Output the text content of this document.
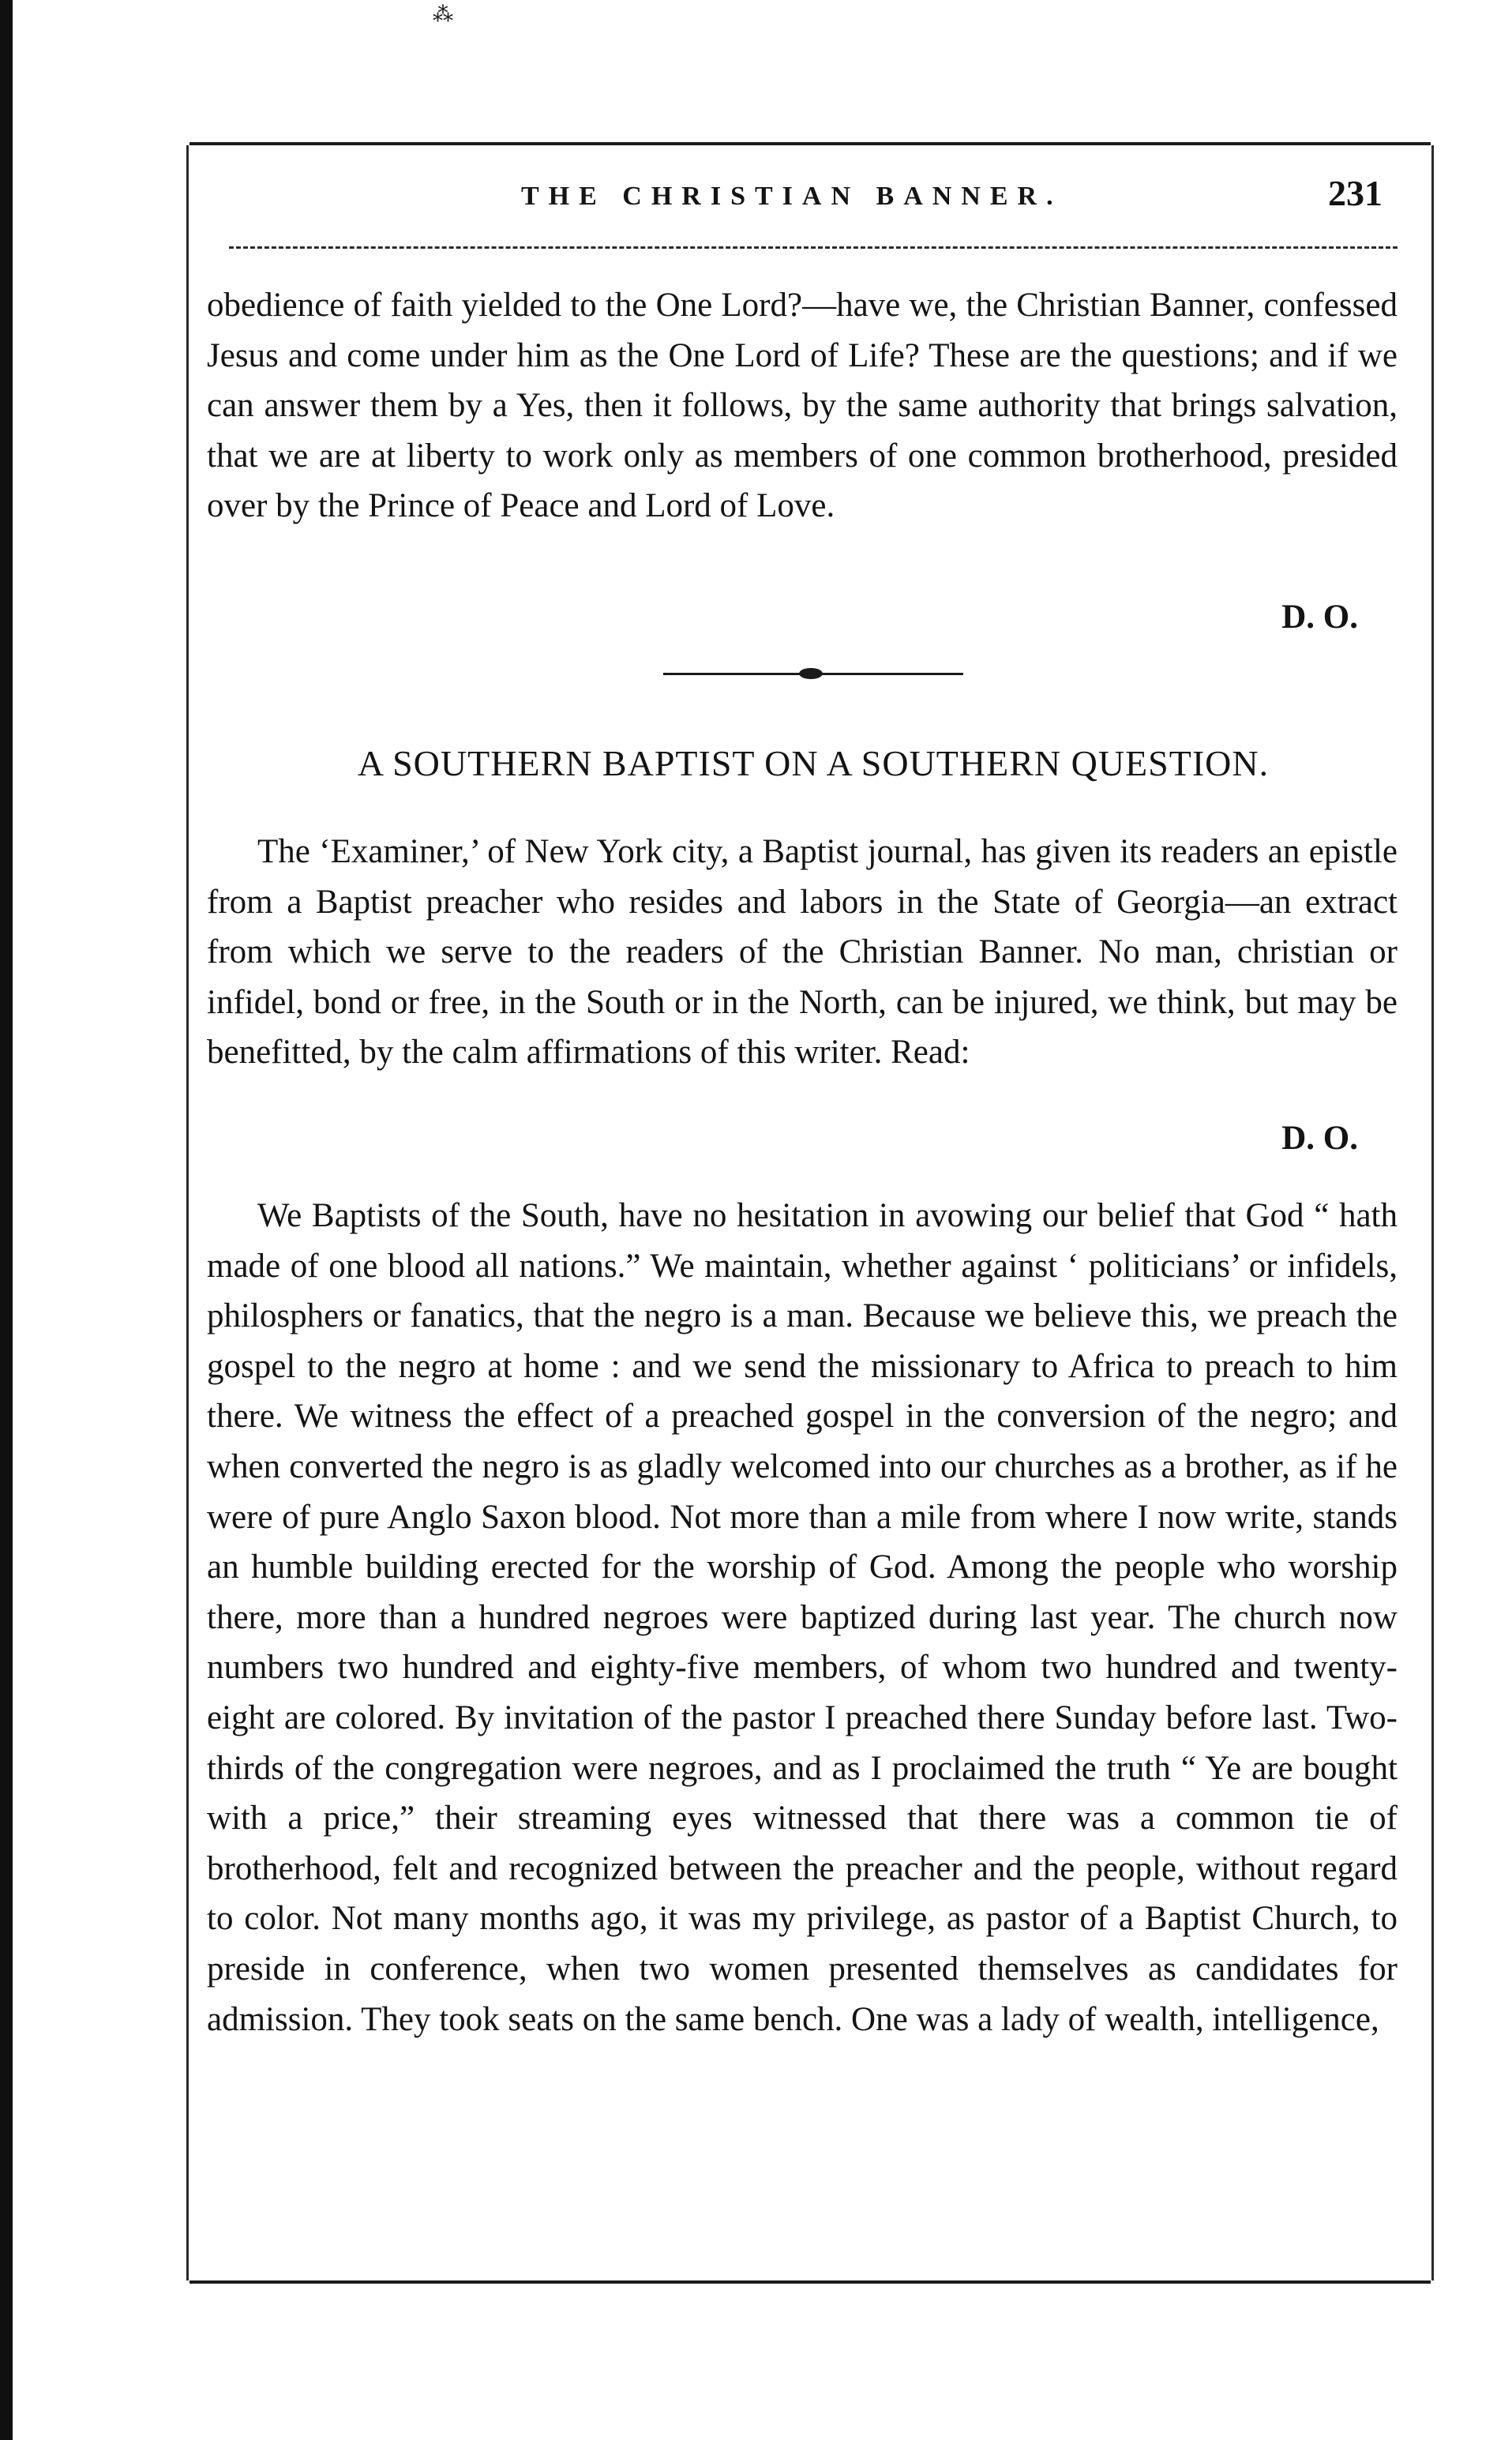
⁂
THE CHRISTIAN BANNER.	231

obedience of faith yielded to the One Lord?—have we, the Christian Banner, confessed Jesus and come under him as the One Lord of Life? These are the questions; and if we can answer them by a Yes, then it follows, by the same authority that brings salvation, that we are at liberty to work only as members of one common brotherhood, presided over by the Prince of Peace and Lord of Love.

D. O.
A SOUTHERN BAPTIST ON A SOUTHERN QUESTION.

The ‘Examiner,’ of New York city, a Baptist journal, has given its readers an epistle from a Baptist preacher who resides and labors in the State of Georgia—an extract from which we serve to the readers of the Christian Banner. No man, christian or infidel, bond or free, in the South or in the North, can be injured, we think, but may be benefitted, by the calm affirmations of this writer. Read:

D. O.

We Baptists of the South, have no hesitation in avowing our belief that God “ hath made of one blood all nations.” We maintain, whether against ‘ politicians’ or infidels, philosphers or fanatics, that the negro is a man. Because we believe this, we preach the gospel to the negro at home : and we send the missionary to Africa to preach to him there. We witness the effect of a preached gospel in the conversion of the negro; and when converted the negro is as gladly welcomed into our churches as a brother, as if he were of pure Anglo Saxon blood. Not more than a mile from where I now write, stands an humble building erected for the worship of God. Among the people who worship there, more than a hundred negroes were baptized during last year. The church now numbers two hundred and eighty-five members, of whom two hundred and twenty-eight are colored. By invitation of the pastor I preached there Sunday before last. Two-thirds of the congregation were negroes, and as I proclaimed the truth “ Ye are bought with a price,” their streaming eyes witnessed that there was a common tie of brotherhood, felt and recognized between the preacher and the people, without regard to color. Not many months ago, it was my privilege, as pastor of a Baptist Church, to preside in conference, when two women presented themselves as candidates for admission. They took seats on the same bench. One was a lady of wealth, intelligence,
